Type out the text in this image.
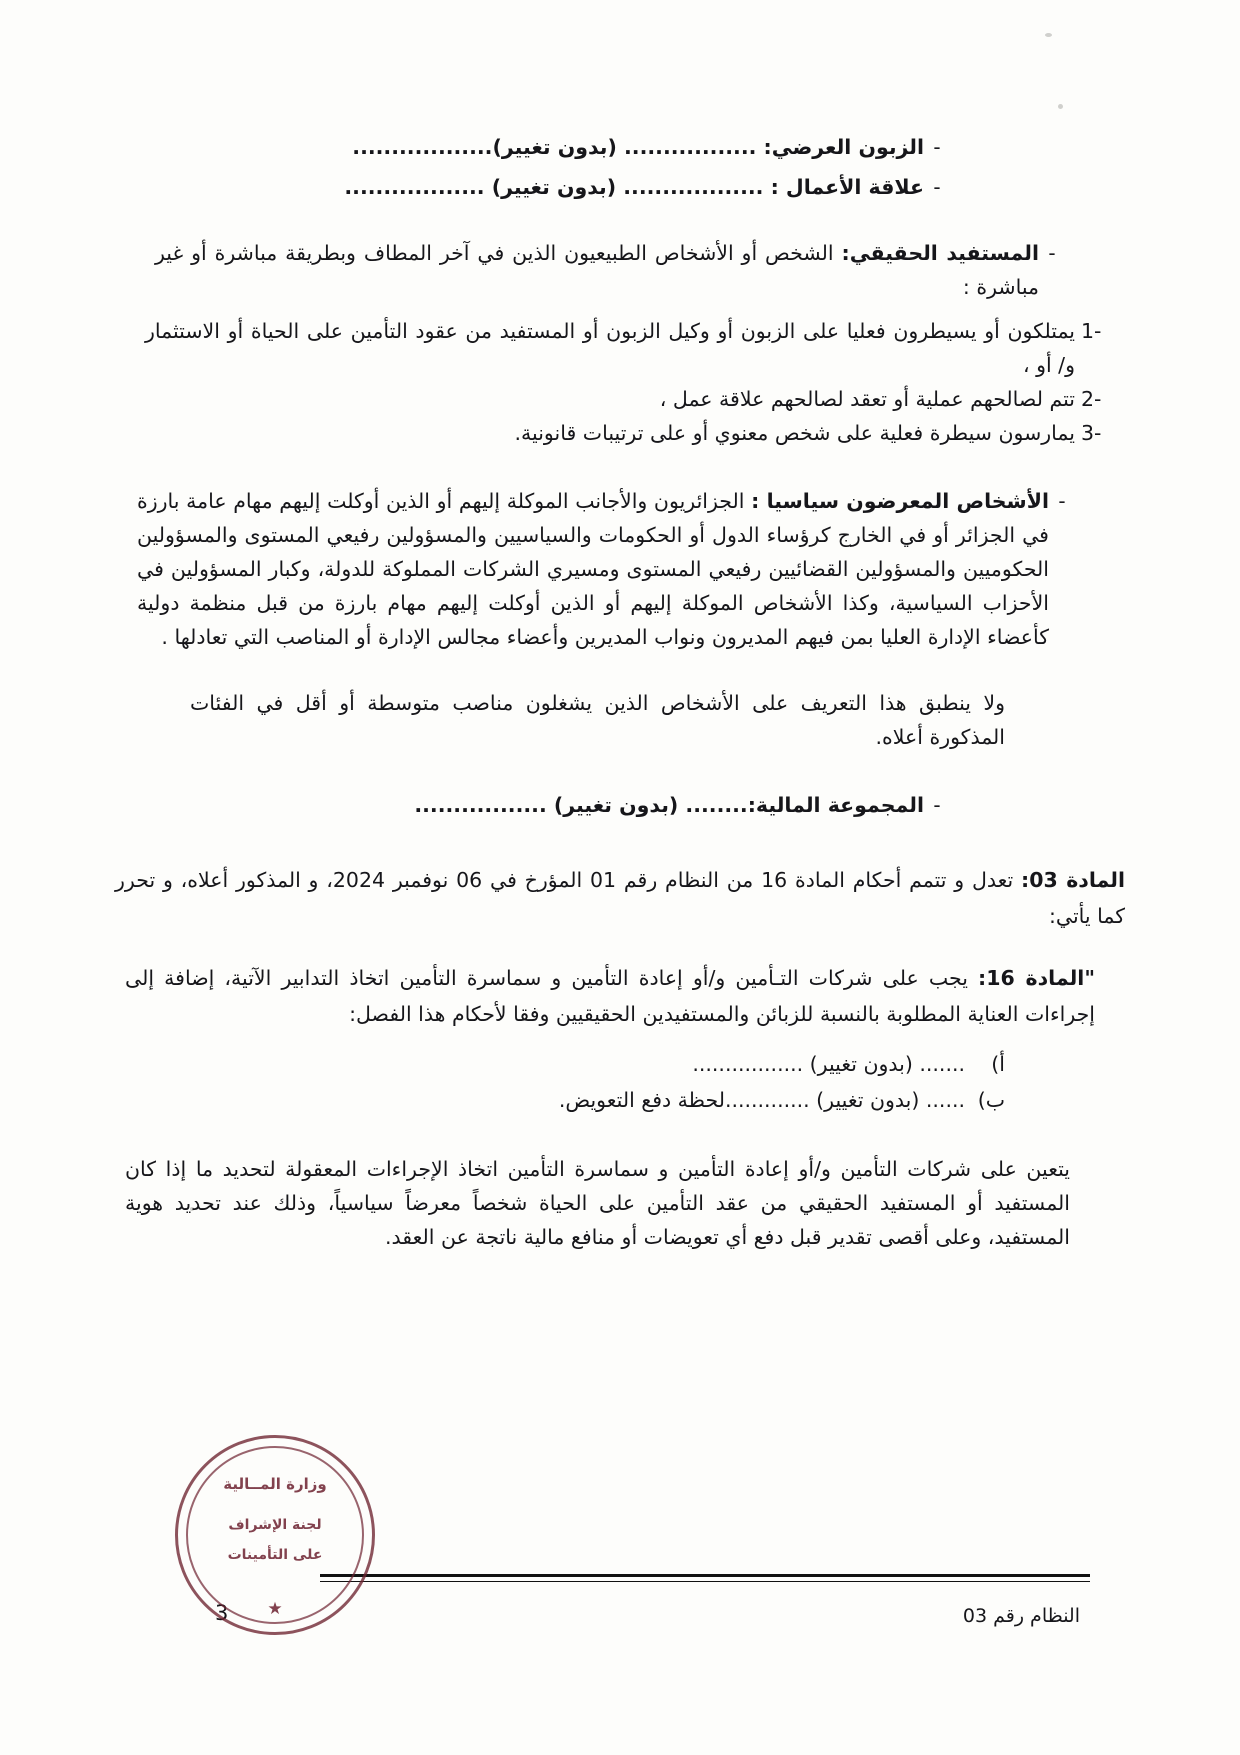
-
الزبون العرضي: ................. (بدون تغيير)..................
-
علاقة الأعمال : .................. (بدون تغيير) ..................
-
المستفيد الحقيقي: الشخص أو الأشخاص الطبيعيون الذين في آخر المطاف وبطريقة مباشرة أو غير مباشرة :
1-
يمتلكون أو يسيطرون فعليا على الزبون أو وكيل الزبون أو المستفيد من عقود التأمين على الحياة أو الاستثمار و/ أو ،
2-
تتم لصالحهم عملية أو تعقد لصالحهم علاقة عمل ،
3-
يمارسون سيطرة فعلية على شخص معنوي أو على ترتيبات قانونية.
-
الأشخاص المعرضون سياسيا : الجزائريون والأجانب الموكلة إليهم أو الذين أوكلت إليهم مهام عامة بارزة في الجزائر أو في الخارج كرؤساء الدول أو الحكومات والسياسيين والمسؤولين رفيعي المستوى والمسؤولين الحكوميين والمسؤولين القضائيين رفيعي المستوى ومسيري الشركات المملوكة للدولة، وكبار المسؤولين في الأحزاب السياسية، وكذا الأشخاص الموكلة إليهم أو الذين أوكلت إليهم مهام بارزة من قبل منظمة دولية كأعضاء الإدارة العليا بمن فيهم المديرون ونواب المديرين وأعضاء مجالس الإدارة أو المناصب التي تعادلها .
ولا ينطبق هذا التعريف على الأشخاص الذين يشغلون مناصب متوسطة أو أقل في الفئات المذكورة أعلاه.
-
المجموعة المالية:........ (بدون تغيير) .................
المادة 03: تعدل و تتمم أحكام المادة 16 من النظام رقم 01 المؤرخ في 06 نوفمبر 2024، و المذكور أعلاه، و تحرر كما يأتي:
"المادة 16: يجب على شركات التـأمين و/أو إعادة التأمين و سماسرة التأمين اتخاذ التدابير الآتية، إضافة إلى إجراءات العناية المطلوبة بالنسبة للزبائن والمستفيدين الحقيقيين وفقا لأحكام هذا الفصل:
أ)
....... (بدون تغيير) .................
ب)
...... (بدون تغيير) .............لحظة دفع التعويض.
يتعين على شركات التأمين و/أو إعادة التأمين و سماسرة التأمين اتخاذ الإجراءات المعقولة لتحديد ما إذا كان المستفيد أو المستفيد الحقيقي من عقد التأمين على الحياة شخصاً معرضاً سياسياً، وذلك عند تحديد هوية المستفيد، وعلى أقصى تقدير قبل دفع أي تعويضات أو منافع مالية ناتجة عن العقد.
النظام رقم 03
3
وزارة المــالية
لجنة الإشراف
على التأمينات
★
